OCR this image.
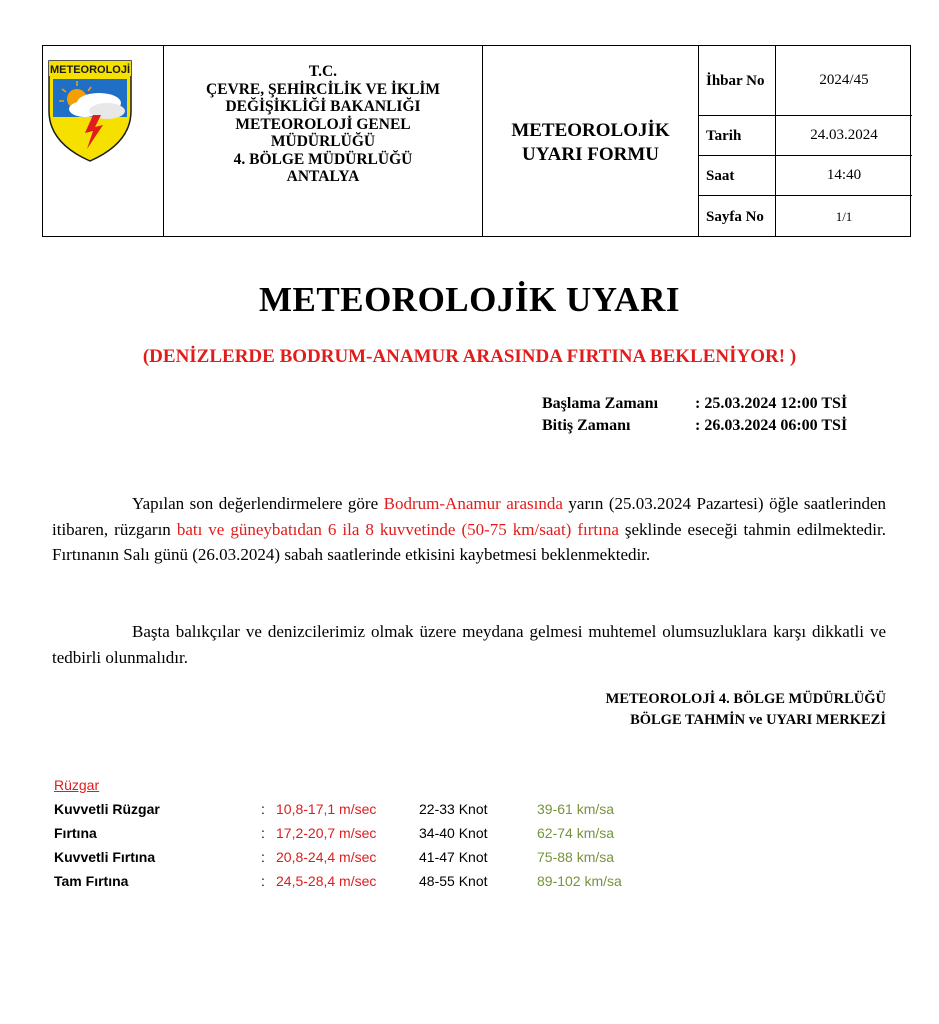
METEOROLOJİ	T.C.
ÇEVRE, ŞEHİRCİLİK VE İKLİM
DEĞİŞİKLİĞİ BAKANLIĞI
METEOROLOJİ GENEL
MÜDÜRLÜĞÜ
4. BÖLGE MÜDÜRLÜĞÜ
ANTALYA
METEOROLOJİK
UYARI FORMU
İhbar No	2024/45
Tarih	24.03.2024
Saat	14:40
Sayfa No	1/1
METEOROLOJİK UYARI
(DENİZLERDE BODRUM-ANAMUR ARASINDA FIRTINA BEKLENİYOR! )
Başlama Zamanı : 25.03.2024 12:00 TSİ
Bitiş Zamanı	: 26.03.2024 06:00 TSİ
Yapılan son değerlendirmelere göre Bodrum-Anamur arasında yarın (25.03.2024 Pazartesi) öğle saatlerinden itibaren, rüzgarın batı ve güneybatıdan 6 ila 8 kuvvetinde (50-75 km/saat) fırtına şeklinde eseceği tahmin edilmektedir. Fırtınanın Salı günü (26.03.2024) sabah saatlerinde etkisini kaybetmesi beklenmektedir.
Başta balıkçılar ve denizcilerimiz olmak üzere meydana gelmesi muhtemel olumsuzluklara karşı dikkatli ve tedbirli olunmalıdır.
METEOROLOJİ 4. BÖLGE MÜDÜRLÜĞÜ
BÖLGE TAHMİN ve UYARI MERKEZİ
Rüzgar
Kuvvetli Rüzgar	: 10,8-17,1 m/sec	22-33 Knot	39-61 km/sa
Fırtına	: 17,2-20,7 m/sec	34-40 Knot	62-74 km/sa
Kuvvetli Fırtına	: 20,8-24,4 m/sec	41-47 Knot	75-88 km/sa
Tam Fırtına	: 24,5-28,4 m/sec	48-55 Knot	89-102 km/sa
